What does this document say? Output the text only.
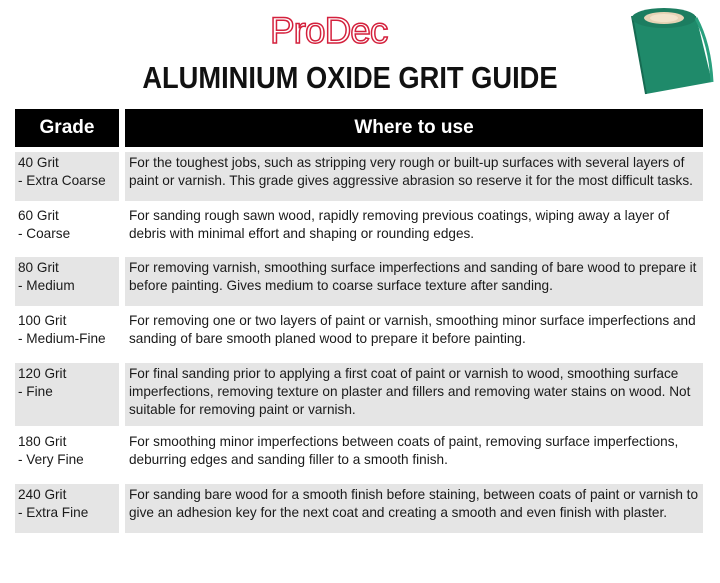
ProDec
ALUMINIUM OXIDE GRIT GUIDE
Grade	Where to use
40 Grit
- Extra Coarse
For the toughest jobs, such as stripping very rough or built-up surfaces with several layers of
paint or varnish. This grade gives aggressive abrasion so reserve it for the most difficult tasks.
60 Grit
- Coarse
For sanding rough sawn wood, rapidly removing previous coatings, wiping away a layer of
debris with minimal effort and shaping or rounding edges.
80 Grit
- Medium
For removing varnish, smoothing surface imperfections and sanding of bare wood to prepare it
before painting. Gives medium to coarse surface texture after sanding.
100 Grit
- Medium-Fine
For removing one or two layers of paint or varnish, smoothing minor surface imperfections and
sanding of bare smooth planed wood to prepare it before painting.
120 Grit
- Fine
For final sanding prior to applying a first coat of paint or varnish to wood, smoothing surface
imperfections, removing texture on plaster and fillers and removing water stains on wood. Not
suitable for removing paint or varnish.
180 Grit
- Very Fine
For smoothing minor imperfections between coats of paint, removing surface imperfections,
deburring edges and sanding filler to a smooth finish.
240 Grit
- Extra Fine
For sanding bare wood for a smooth finish before staining, between coats of paint or varnish to
give an adhesion key for the next coat and creating a smooth and even finish with plaster.
